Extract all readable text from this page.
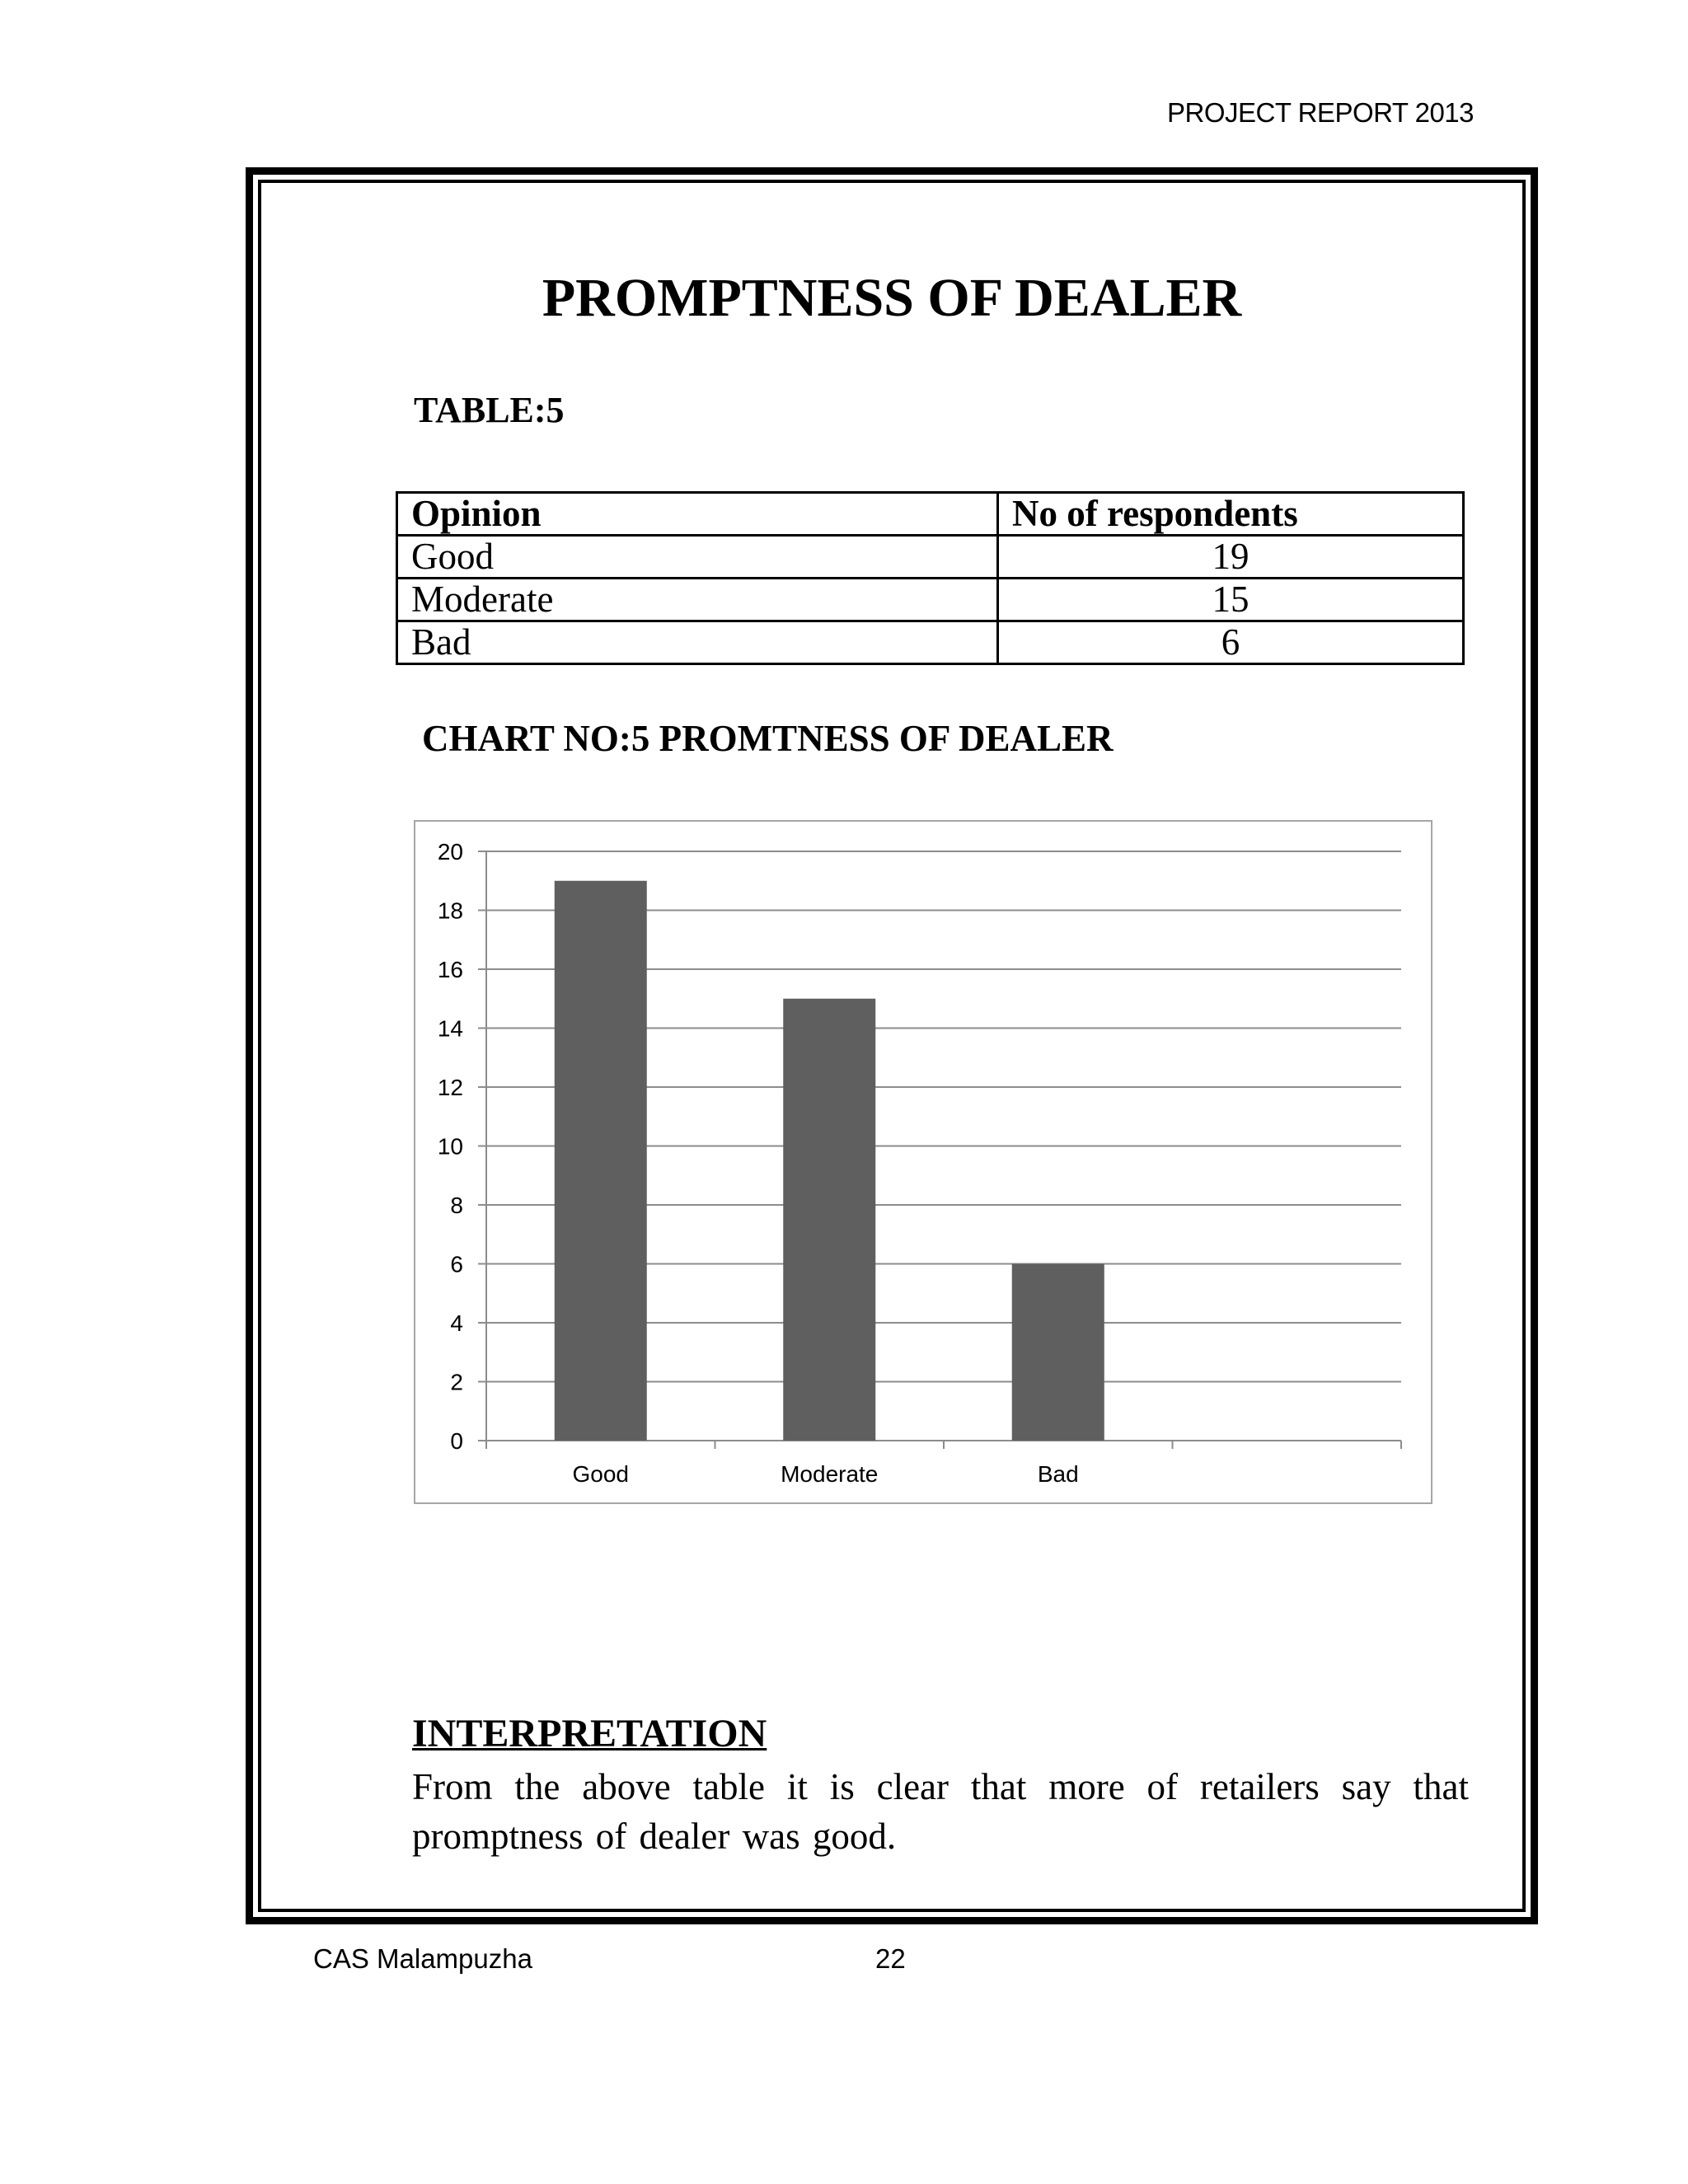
PROJECT REPORT 2013
PROMPTNESS OF DEALER
TABLE:5
Opinion	No of respondents
Good	19
Moderate	15
Bad	6
CHART NO:5 PROMTNESS OF DEALER
0
2
4
6
8
10
12
14
16
18
20
Good	Moderate	Bad
INTERPRETATION
From the above table it is clear that more of retailers say that promptness of dealer was good.
CAS Malampuzha	22
